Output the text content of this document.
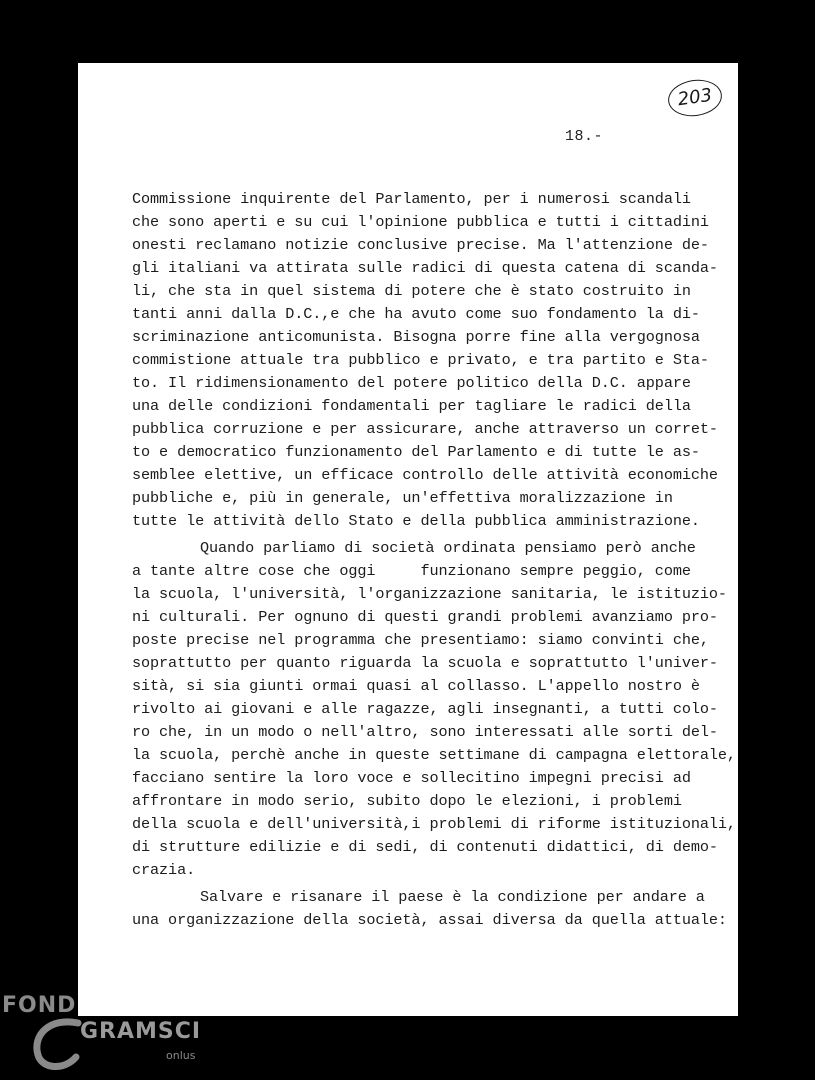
203
18.-
Commissione inquirente del Parlamento, per i numerosi scandali
che sono aperti e su cui l'opinione pubblica e tutti i cittadini
onesti reclamano notizie conclusive precise. Ma l'attenzione de-
gli italiani va attirata sulle radici di questa catena di scanda-
li, che sta in quel sistema di potere che è stato costruito in
tanti anni dalla D.C.,e che ha avuto come suo fondamento la di-
scriminazione anticomunista. Bisogna porre fine alla vergognosa
commistione attuale tra pubblico e privato, e tra partito e Sta-
to. Il ridimensionamento del potere politico della D.C. appare
una delle condizioni fondamentali per tagliare le radici della
pubblica corruzione e per assicurare, anche attraverso un corret-
to e democratico funzionamento del Parlamento e di tutte le as-
semblee elettive, un efficace controllo delle attività economiche
pubbliche e, più in generale, un'effettiva moralizzazione in
tutte le attività dello Stato e della pubblica amministrazione.
Quando parliamo di società ordinata pensiamo però anche
a tante altre cose che oggi     funzionano sempre peggio, come
la scuola, l'università, l'organizzazione sanitaria, le istituzio-
ni culturali. Per ognuno di questi grandi problemi avanziamo pro-
poste precise nel programma che presentiamo: siamo convinti che,
soprattutto per quanto riguarda la scuola e soprattutto l'univer-
sità, si sia giunti ormai quasi al collasso. L'appello nostro è
rivolto ai giovani e alle ragazze, agli insegnanti, a tutti colo-
ro che, in un modo o nell'altro, sono interessati alle sorti del-
la scuola, perchè anche in queste settimane di campagna elettorale,
facciano sentire la loro voce e sollecitino impegni precisi ad
affrontare in modo serio, subito dopo le elezioni, i problemi
della scuola e dell'università,i problemi di riforme istituzionali,
di strutture edilizie e di sedi, di contenuti didattici, di demo-
crazia.
Salvare e risanare il paese è la condizione per andare a
una organizzazione della società, assai diversa da quella attuale:
FOND
GRAMSCI
onlus
